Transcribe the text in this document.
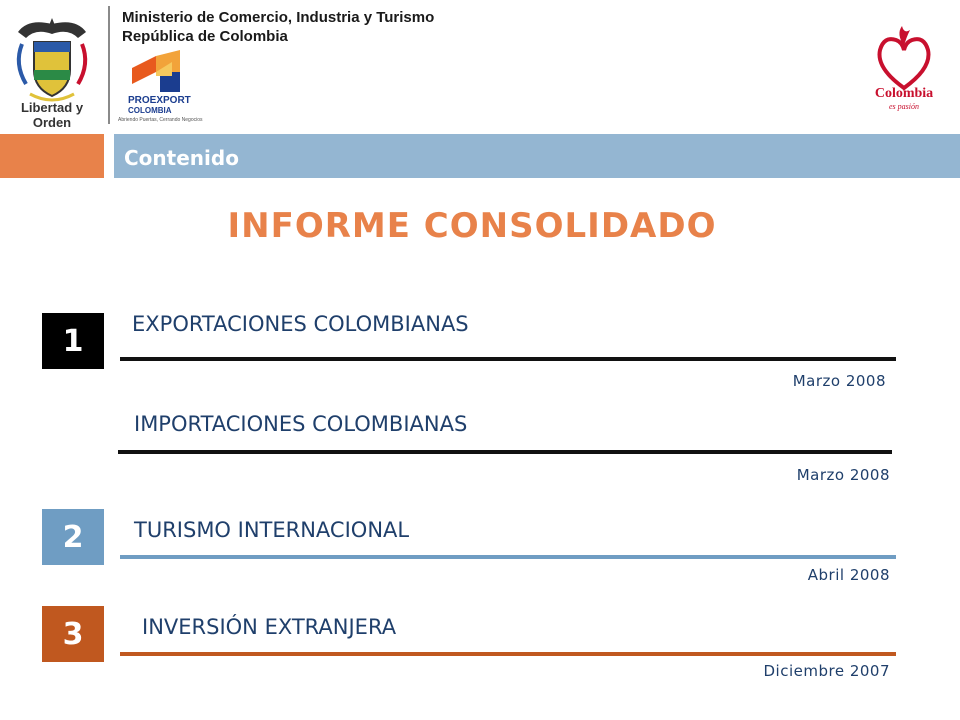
Libertad y Orden
Ministerio de Comercio, Industria y Turismo
República de Colombia
PROEXPORT
COLOMBIA
Abriendo Puertas, Cerrando Negocios
Colombia
es pasión
Contenido
INFORME CONSOLIDADO
1	EXPORTACIONES COLOMBIANAS
Marzo 2008
IMPORTACIONES COLOMBIANAS
Marzo 2008
2	TURISMO INTERNACIONAL
Abril 2008
3	INVERSIÓN EXTRANJERA
Diciembre 2007
